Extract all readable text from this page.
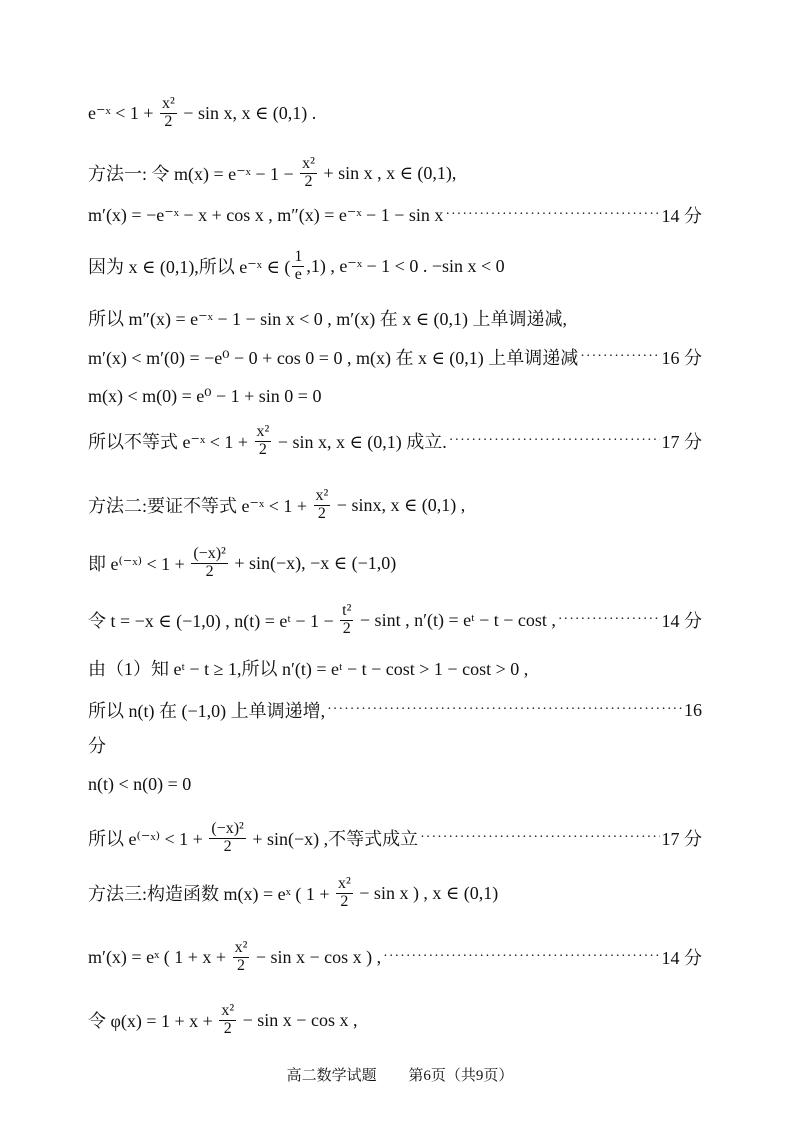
e⁻ˣ < $1 + \frac{\text{x²}}{2} - \sin x$, x ∈ (0,1) .
方法一: 令 m(x) = e⁻ˣ − $1 - \frac{\text{x²}}{2} + \sin x$ , x ∈ (0,1),
m′(x) = −e⁻ˣ − x + cos x , m″(x) = e⁻ˣ − 1 − sin x ·····	14 分
因为 x ∈ (0,1),所以 e⁻ˣ ∈ ( $\frac{1}{e} ,1$) , e⁻ˣ − 1 < 0 . −sin x < 0
所以 m″(x) = e⁻ˣ − 1 − sin x < 0 , m′(x) 在 x ∈ (0,1) 上单调递减,
m′(x) < m′(0) = −e⁰ − 0 + cos 0 = 0 , m(x) 在 x ∈ (0,1) 上单调递减 ·····	16 分
m(x) < m(0) = e⁰ − 1 + sin 0 = 0
所以不等式 e⁻ˣ < $1 + \frac{\text{x²}}{2} - \sin x$, x ∈ (0,1) 成立. ·····	17 分
方法二:要证不等式 e⁻ˣ < $1 + \frac{\text{x²}}{2} - \sin x$, x ∈ (0,1) ,
即 e⁽⁻ˣ⁾ < $1 + \frac{\text{(−x)²}}{2} + \sin(-x)$, −x ∈ (−1,0)
令 t = −x ∈ (−1,0) , n(t) = eᵗ − $1 - \frac{\text{t²}}{2} - \sin t$ , n′(t) = eᵗ − t − cost , ·····	14 分
由（1）知 eᵗ − t ≥ 1,所以 n′(t) = eᵗ − t − cost > 1 − cost > 0 ,
所以 n(t) 在 (−1,0) 上单调递增, ·····	16
分
n(t) < n(0) = 0
所以 e⁽⁻ˣ⁾ < $1 + \frac{\text{(−x)²}}{2} + \sin(-x)$ ,不等式成立 ·····	17 分
方法三:构造函数 m(x) = eˣ ( $1 + \frac{\text{x²}}{2} - \sin x$ ) , x ∈ (0,1)
m′(x) = eˣ ( $1 + x + \frac{\text{x²}}{2} - \sin x - \cos x$ ) , ·····	14 分
令 $\varphi(x) = 1 + x + \frac{\text{x²}}{2} - \sin x - \cos x$ ,
高二数学试题 第6页（共9页）
